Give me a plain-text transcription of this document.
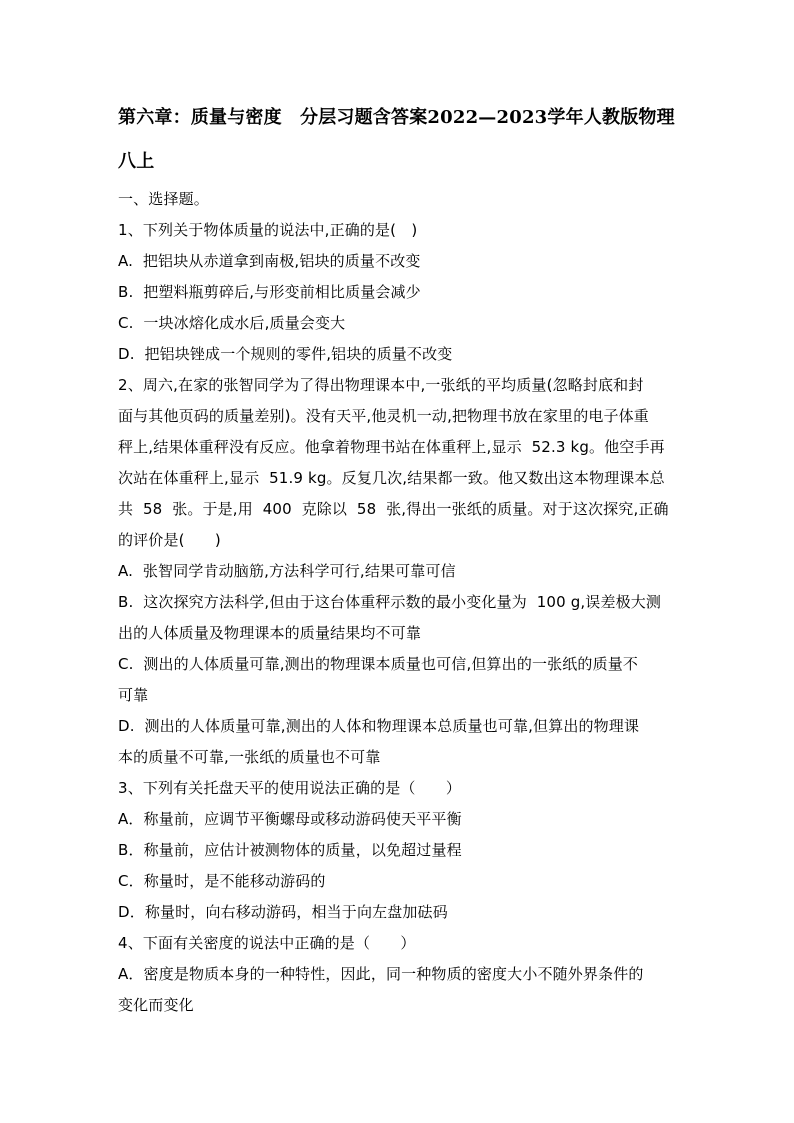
第六章：质量与密度　分层习题含答案2022—2023学年人教版物理
八上
一、选择题。
1、下列关于物体质量的说法中,正确的是(　)
A.  把铝块从赤道拿到南极,铝块的质量不改变
B.  把塑料瓶剪碎后,与形变前相比质量会减少
C.  一块冰熔化成水后,质量会变大
D.  把铝块锉成一个规则的零件,铝块的质量不改变
2、周六,在家的张智同学为了得出物理课本中,一张纸的平均质量(忽略封底和封
面与其他页码的质量差别)。没有天平,他灵机一动,把物理书放在家里的电子体重
秤上,结果体重秤没有反应。他拿着物理书站在体重秤上,显示  52.3 kg。他空手再
次站在体重秤上,显示  51.9 kg。反复几次,结果都一致。他又数出这本物理课本总
共  58  张。于是,用  400  克除以  58  张,得出一张纸的质量。对于这次探究,正确
的评价是(　　)
A.  张智同学肯动脑筋,方法科学可行,结果可靠可信
B.  这次探究方法科学,但由于这台体重秤示数的最小变化量为  100 g,误差极大测
出的人体质量及物理课本的质量结果均不可靠
C.  测出的人体质量可靠,测出的物理课本质量也可信,但算出的一张纸的质量不
可靠
D.  测出的人体质量可靠,测出的人体和物理课本总质量也可靠,但算出的物理课
本的质量不可靠,一张纸的质量也不可靠
3、下列有关托盘天平的使用说法正确的是（　　）
A．称量前，应调节平衡螺母或移动游码使天平平衡
B．称量前，应估计被测物体的质量，以免超过量程
C．称量时，是不能移动游码的
D．称量时，向右移动游码，相当于向左盘加砝码
4、下面有关密度的说法中正确的是（　　）
A．密度是物质本身的一种特性，因此，同一种物质的密度大小不随外界条件的
变化而变化
